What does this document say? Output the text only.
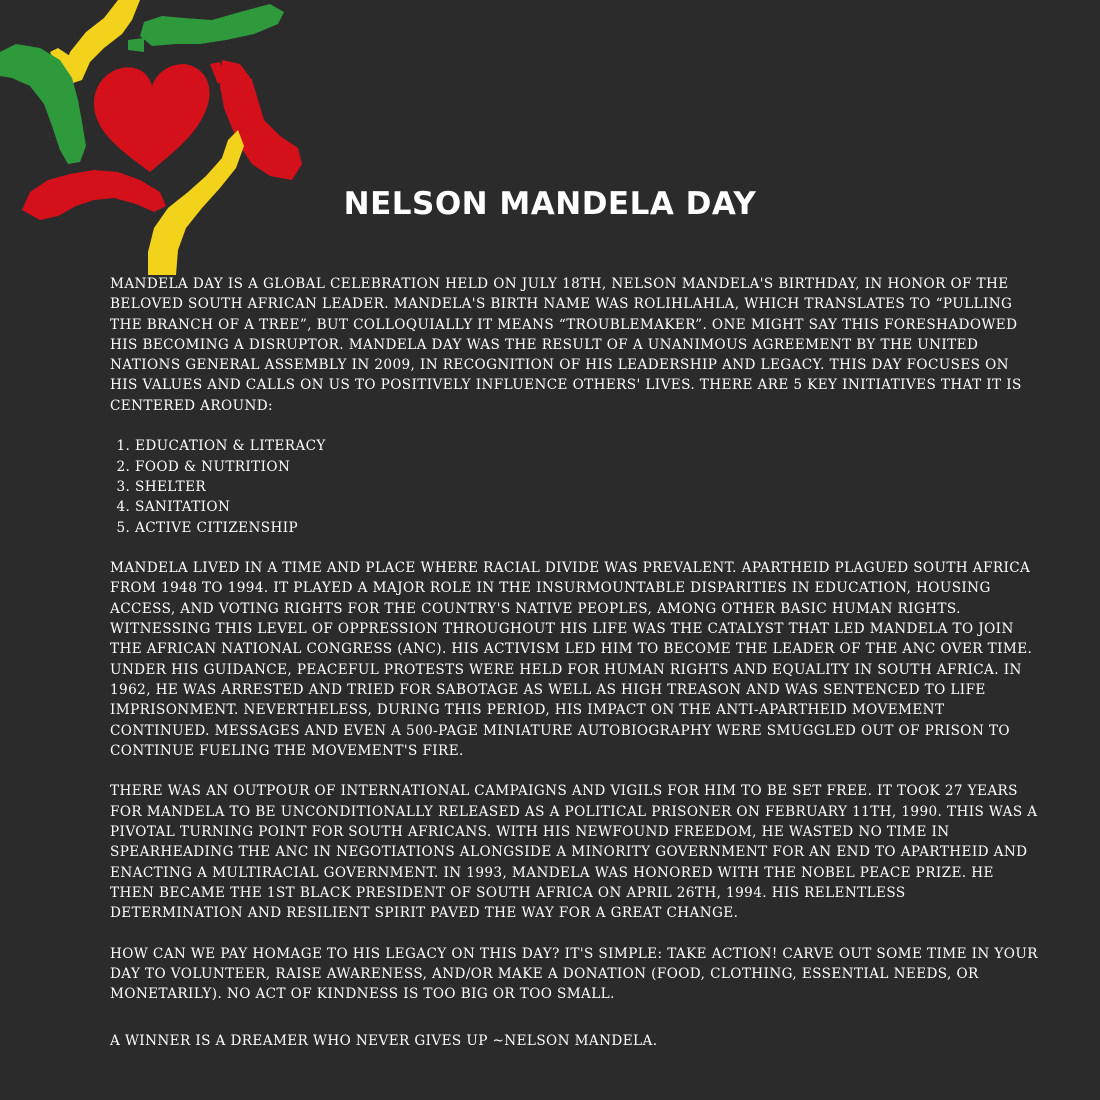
NELSON MANDELA DAY

MANDELA DAY IS A GLOBAL CELEBRATION HELD ON JULY 18TH, NELSON MANDELA'S BIRTHDAY, IN HONOR OF THE BELOVED SOUTH AFRICAN LEADER. MANDELA'S BIRTH NAME WAS ROLIHLAHLA, WHICH TRANSLATES TO “PULLING THE BRANCH OF A TREE”, BUT COLLOQUIALLY IT MEANS “TROUBLEMAKER”. ONE MIGHT SAY THIS FORESHADOWED HIS BECOMING A DISRUPTOR. MANDELA DAY WAS THE RESULT OF A UNANIMOUS AGREEMENT BY THE UNITED NATIONS GENERAL ASSEMBLY IN 2009, IN RECOGNITION OF HIS LEADERSHIP AND LEGACY. THIS DAY FOCUSES ON HIS VALUES AND CALLS ON US TO POSITIVELY INFLUENCE OTHERS' LIVES. THERE ARE 5 KEY INITIATIVES THAT IT IS CENTERED AROUND:

1. EDUCATION & LITERACY
2. FOOD & NUTRITION
3. SHELTER
4. SANITATION
5. ACTIVE CITIZENSHIP

MANDELA LIVED IN A TIME AND PLACE WHERE RACIAL DIVIDE WAS PREVALENT. APARTHEID PLAGUED SOUTH AFRICA FROM 1948 TO 1994. IT PLAYED A MAJOR ROLE IN THE INSURMOUNTABLE DISPARITIES IN EDUCATION, HOUSING ACCESS, AND VOTING RIGHTS FOR THE COUNTRY'S NATIVE PEOPLES, AMONG OTHER BASIC HUMAN RIGHTS. WITNESSING THIS LEVEL OF OPPRESSION THROUGHOUT HIS LIFE WAS THE CATALYST THAT LED MANDELA TO JOIN THE AFRICAN NATIONAL CONGRESS (ANC). HIS ACTIVISM LED HIM TO BECOME THE LEADER OF THE ANC OVER TIME. UNDER HIS GUIDANCE, PEACEFUL PROTESTS WERE HELD FOR HUMAN RIGHTS AND EQUALITY IN SOUTH AFRICA. IN 1962, HE WAS ARRESTED AND TRIED FOR SABOTAGE AS WELL AS HIGH TREASON AND WAS SENTENCED TO LIFE IMPRISONMENT. NEVERTHELESS, DURING THIS PERIOD, HIS IMPACT ON THE ANTI-APARTHEID MOVEMENT CONTINUED. MESSAGES AND EVEN A 500-PAGE MINIATURE AUTOBIOGRAPHY WERE SMUGGLED OUT OF PRISON TO CONTINUE FUELING THE MOVEMENT'S FIRE.

THERE WAS AN OUTPOUR OF INTERNATIONAL CAMPAIGNS AND VIGILS FOR HIM TO BE SET FREE. IT TOOK 27 YEARS FOR MANDELA TO BE UNCONDITIONALLY RELEASED AS A POLITICAL PRISONER ON FEBRUARY 11TH, 1990. THIS WAS A PIVOTAL TURNING POINT FOR SOUTH AFRICANS. WITH HIS NEWFOUND FREEDOM, HE WASTED NO TIME IN SPEARHEADING THE ANC IN NEGOTIATIONS ALONGSIDE A MINORITY GOVERNMENT FOR AN END TO APARTHEID AND ENACTING A MULTIRACIAL GOVERNMENT. IN 1993, MANDELA WAS HONORED WITH THE NOBEL PEACE PRIZE. HE THEN BECAME THE 1ST BLACK PRESIDENT OF SOUTH AFRICA ON APRIL 26TH, 1994. HIS RELENTLESS DETERMINATION AND RESILIENT SPIRIT PAVED THE WAY FOR A GREAT CHANGE.

HOW CAN WE PAY HOMAGE TO HIS LEGACY ON THIS DAY? IT'S SIMPLE: TAKE ACTION! CARVE OUT SOME TIME IN YOUR DAY TO VOLUNTEER, RAISE AWARENESS, AND/OR MAKE A DONATION (FOOD, CLOTHING, ESSENTIAL NEEDS, OR MONETARILY). NO ACT OF KINDNESS IS TOO BIG OR TOO SMALL.

A WINNER IS A DREAMER WHO NEVER GIVES UP ~NELSON MANDELA.
